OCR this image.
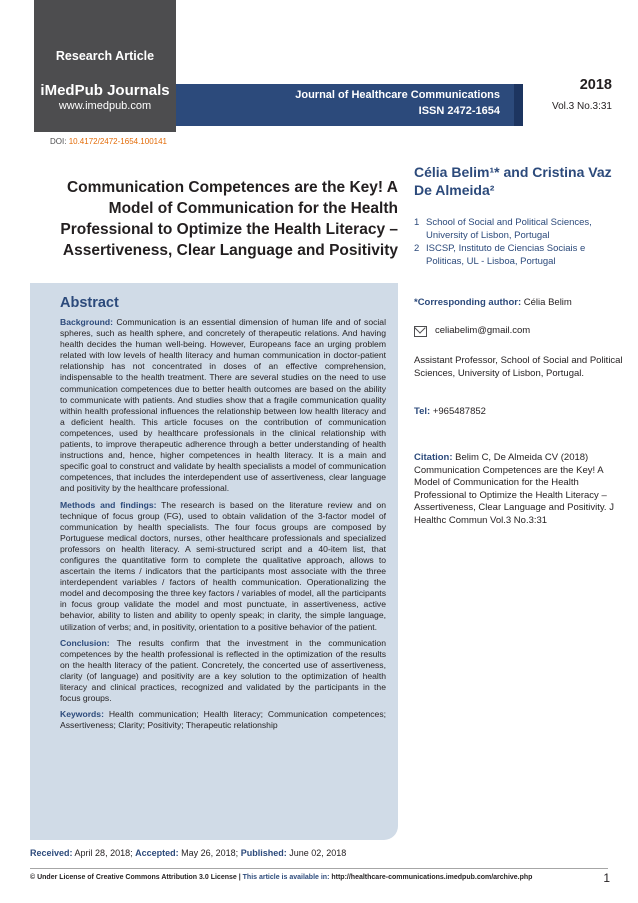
Research Article
iMedPub Journals
www.imedpub.com
Journal of Healthcare Communications
ISSN 2472-1654
2018
Vol.3 No.3:31
DOI: 10.4172/2472-1654.100141
Communication Competences are the Key! A Model of Communication for the Health Professional to Optimize the Health Literacy – Assertiveness, Clear Language and Positivity
Célia Belim¹* and Cristina Vaz De Almeida²
1 School of Social and Political Sciences, University of Lisbon, Portugal
2 ISCSP, Instituto de Ciencias Sociais e Politicas, UL - Lisboa, Portugal
Abstract

Background: Communication is an essential dimension of human life and of social spheres, such as health sphere, and concretely of therapeutic relations. And having health decides the human well-being. However, Europeans face an urging problem related with low levels of health literacy and human communication in doctor-patient relationship has not concentrated in doses of an effective comprehension, indispensable to the health treatment. There are several studies on the need to use communication competences due to better health outcomes are based on the ability to communicate with patients. And studies show that a fragile communication quality within health professional influences the relationship between low health literacy and a deficient health. This article focuses on the contribution of communication competences, used by healthcare professionals in the clinical relationship with patients, to improve therapeutic adherence through a better understanding of health instructions and, hence, higher competences in health literacy. It is a main and specific goal to construct and validate by health specialists a model of communication competences, that includes the interdependent use of assertiveness, clear language and positivity by the healthcare professional.

Methods and findings: The research is based on the literature review and on technique of focus group (FG), used to obtain validation of the 3-factor model of communication by health specialists. The four focus groups are composed by Portuguese medical doctors, nurses, other healthcare professionals and specialized professors on health literacy. A semi-structured script and a 40-item list, that configures the quantitative form to complete the qualitative approach, allows to ascertain the items / indicators that the participants most associate with the three interdependent variables / factors of health communication. Operationalizing the model and decomposing the three key factors / variables of model, all the participants in focus group validate the model and most punctuate, in assertiveness, active behavior, ability to listen and ability to openly speak; in clarity, the simple language, utilization of verbs; and, in positivity, orientation to a positive behavior of the patient.

Conclusion: The results confirm that the investment in the communication competences by the health professional is reflected in the optimization of the results on the health literacy of the patient. Concretely, the concerted use of assertiveness, clarity (of language) and positivity are a key solution to the optimization of health literacy and clinical practices, recognized and validated by the participants in the focus groups.

Keywords: Health communication; Health literacy; Communication competences; Assertiveness; Clarity; Positivity; Therapeutic relationship

*Corresponding author: Célia Belim
celiabelim@gmail.com
Assistant Professor, School of Social and Political Sciences, University of Lisbon, Portugal.
Tel: +965487852
Citation: Belim C, De Almeida CV (2018) Communication Competences are the Key! A Model of Communication for the Health Professional to Optimize the Health Literacy – Assertiveness, Clear Language and Positivity. J Healthc Commun Vol.3 No.3:31
Received: April 28, 2018; Accepted: May 26, 2018; Published: June 02, 2018
© Under License of Creative Commons Attribution 3.0 License | This article is available in: http://healthcare-communications.imedpub.com/archive.php	1
